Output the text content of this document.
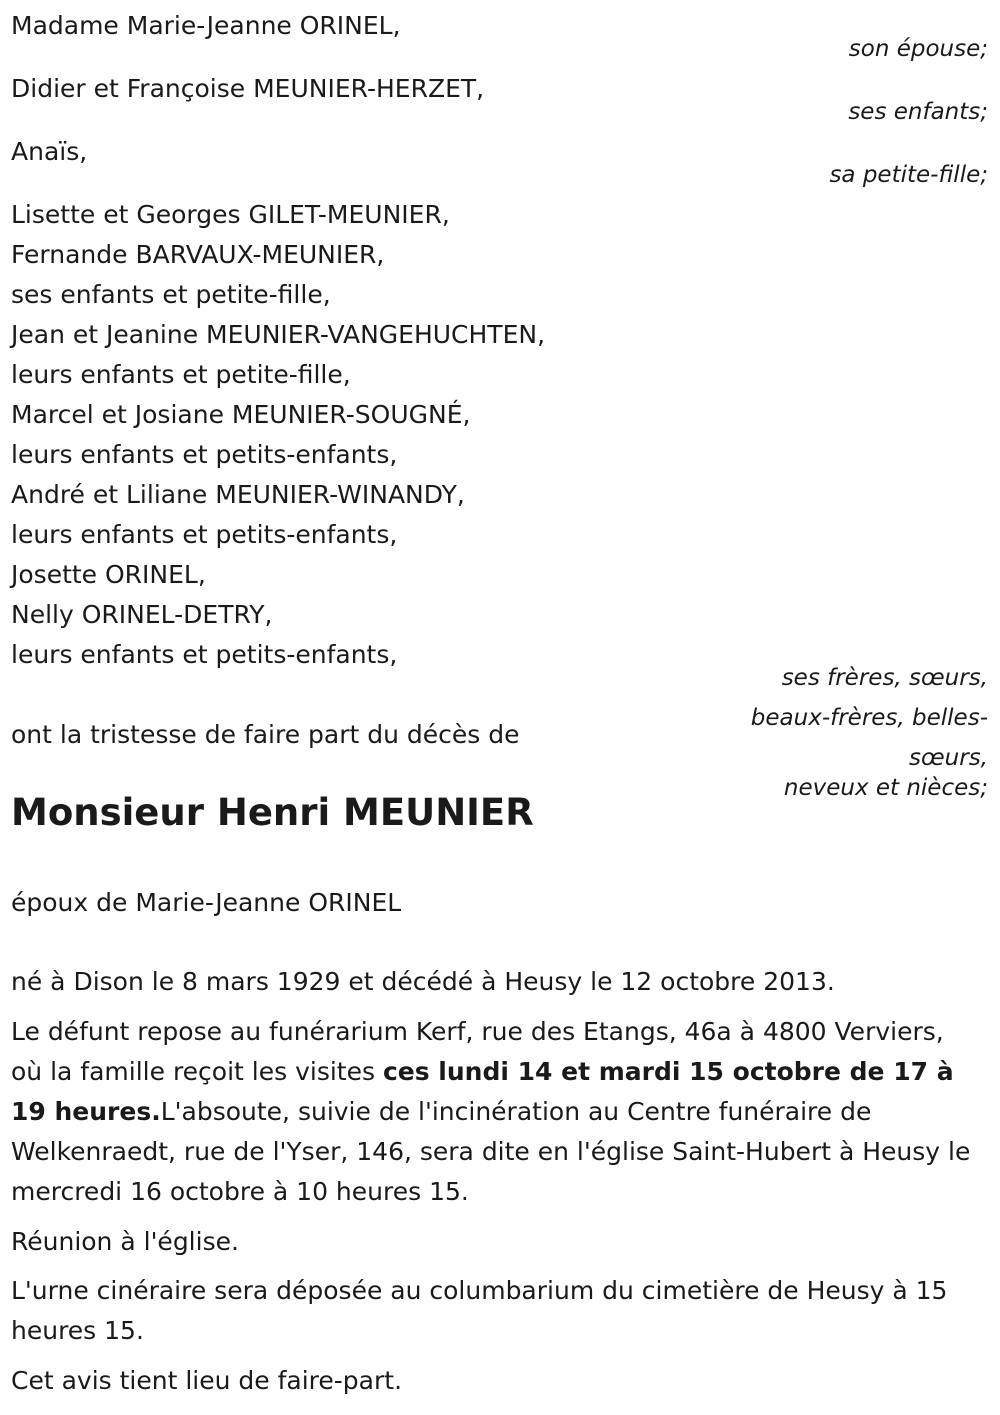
Madame Marie-Jeanne ORINEL,
son épouse;
Didier et Françoise MEUNIER-HERZET,
ses enfants;
Anaïs,
sa petite-fille;
Lisette et Georges GILET-MEUNIER,
Fernande BARVAUX-MEUNIER,
ses enfants et petite-fille,
Jean et Jeanine MEUNIER-VANGEHUCHTEN,
leurs enfants et petite-fille,
Marcel et Josiane MEUNIER-SOUGNÉ,
leurs enfants et petits-enfants,
André et Liliane MEUNIER-WINANDY,
leurs enfants et petits-enfants,
Josette ORINEL,
Nelly ORINEL-DETRY,
leurs enfants et petits-enfants,
ses frères, sœurs,
beaux-frères, belles-sœurs,
neveux et nièces;
ont la tristesse de faire part du décès de
Monsieur Henri MEUNIER
époux de Marie-Jeanne ORINEL
né à Dison le 8 mars 1929 et décédé à Heusy le 12 octobre 2013.
Le défunt repose au funérarium Kerf, rue des Etangs, 46a à 4800 Verviers, où la famille reçoit les visites ces lundi 14 et mardi 15 octobre de 17 à 19 heures.L'absoute, suivie de l'incinération au Centre funéraire de Welkenraedt, rue de l'Yser, 146, sera dite en l'église Saint-Hubert à Heusy le mercredi 16 octobre à 10 heures 15.
Réunion à l'église.
L'urne cinéraire sera déposée au columbarium du cimetière de Heusy à 15 heures 15.
Cet avis tient lieu de faire-part.
